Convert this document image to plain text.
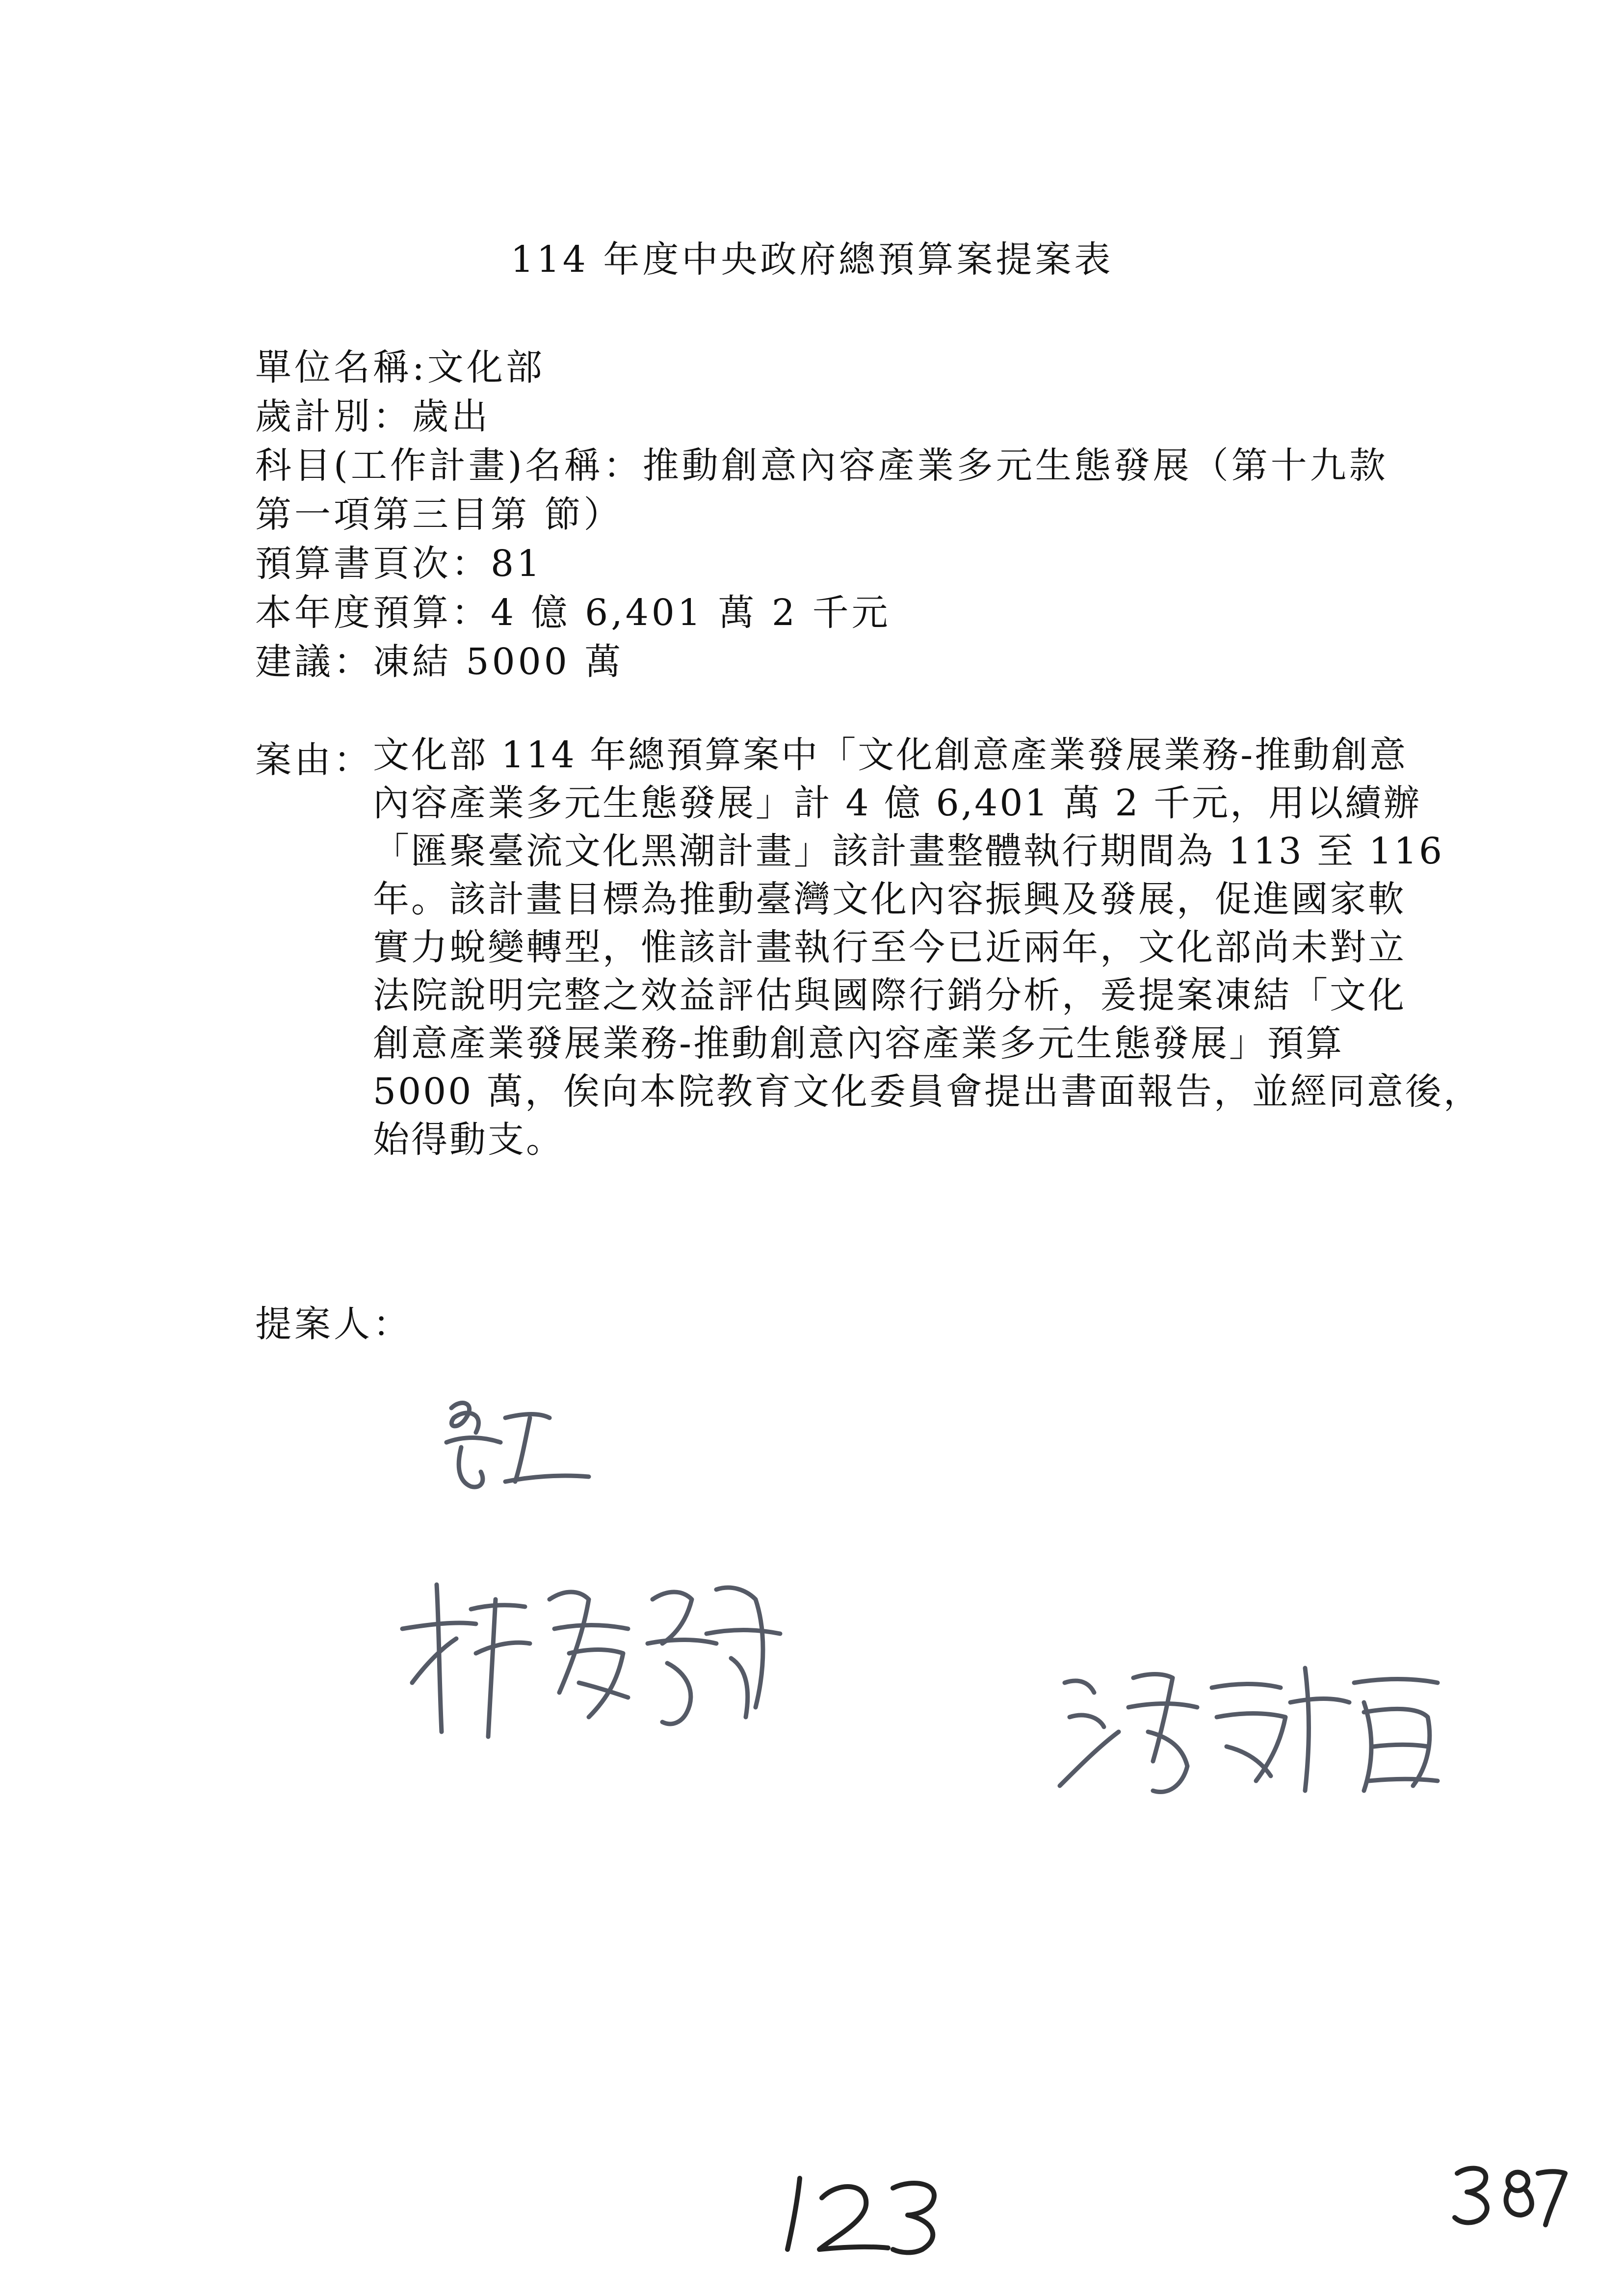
114 年度中央政府總預算案提案表
單位名稱:文化部
歲計別：歲出
科目(工作計畫)名稱：推動創意內容產業多元生態發展（第十九款
第一項第三目第 節）
預算書頁次：81
本年度預算：4 億 6,401 萬 2 千元
建議：凍結 5000 萬
案由： 文化部 114 年總預算案中「文化創意產業發展業務-推動創意
內容產業多元生態發展」計 4 億 6,401 萬 2 千元，用以續辦
「匯聚臺流文化黑潮計畫」該計畫整體執行期間為 113 至 116
年。該計畫目標為推動臺灣文化內容振興及發展，促進國家軟
實力蛻變轉型，惟該計畫執行至今已近兩年，文化部尚未對立
法院說明完整之效益評估與國際行銷分析，爰提案凍結「文化
創意產業發展業務-推動創意內容產業多元生態發展」預算
5000 萬，俟向本院教育文化委員會提出書面報告，並經同意後，
始得動支。
提案人：
